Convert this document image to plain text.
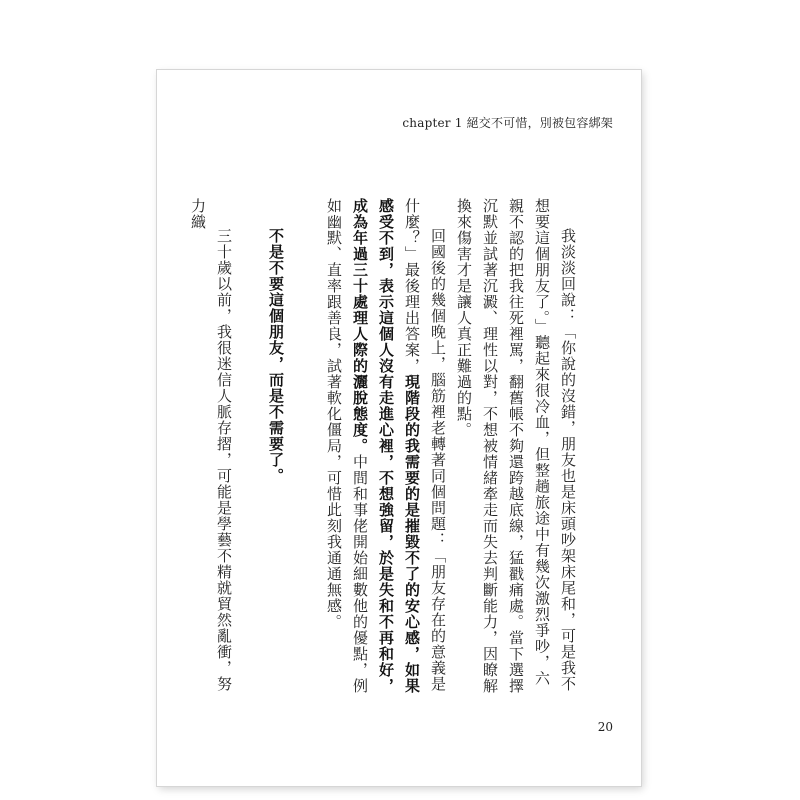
chapter 1 絕交不可惜，別被包容綁架

我淡淡回說：「你說的沒錯，朋友也是床頭吵架床尾和，可是我不想要這個朋友了。」聽起來很冷血，但整趟旅途中有幾次激烈爭吵，六親不認的把我往死裡罵，翻舊帳不夠還跨越底線，猛戳痛處。當下選擇沉默並試著沉澱、理性以對，不想被情緒牽走而失去判斷能力，因瞭解換來傷害才是讓人真正難過的點。

回國後的幾個晚上，腦筋裡老轉著同個問題：「朋友存在的意義是什麼？」最後理出答案，現階段的我需要的是摧毀不了的安心感，如果感受不到，表示這個人沒有走進心裡，不想強留，於是失和不再和好，成為年過三十處理人際的灑脫態度。中間和事佬開始細數他的優點，例如幽默、直率跟善良，試著軟化僵局，可惜此刻我通通無感。

不是不要這個朋友，而是不需要了。

三十歲以前，我很迷信人脈存摺，可能是學藝不精就貿然亂衝，努力織

20
